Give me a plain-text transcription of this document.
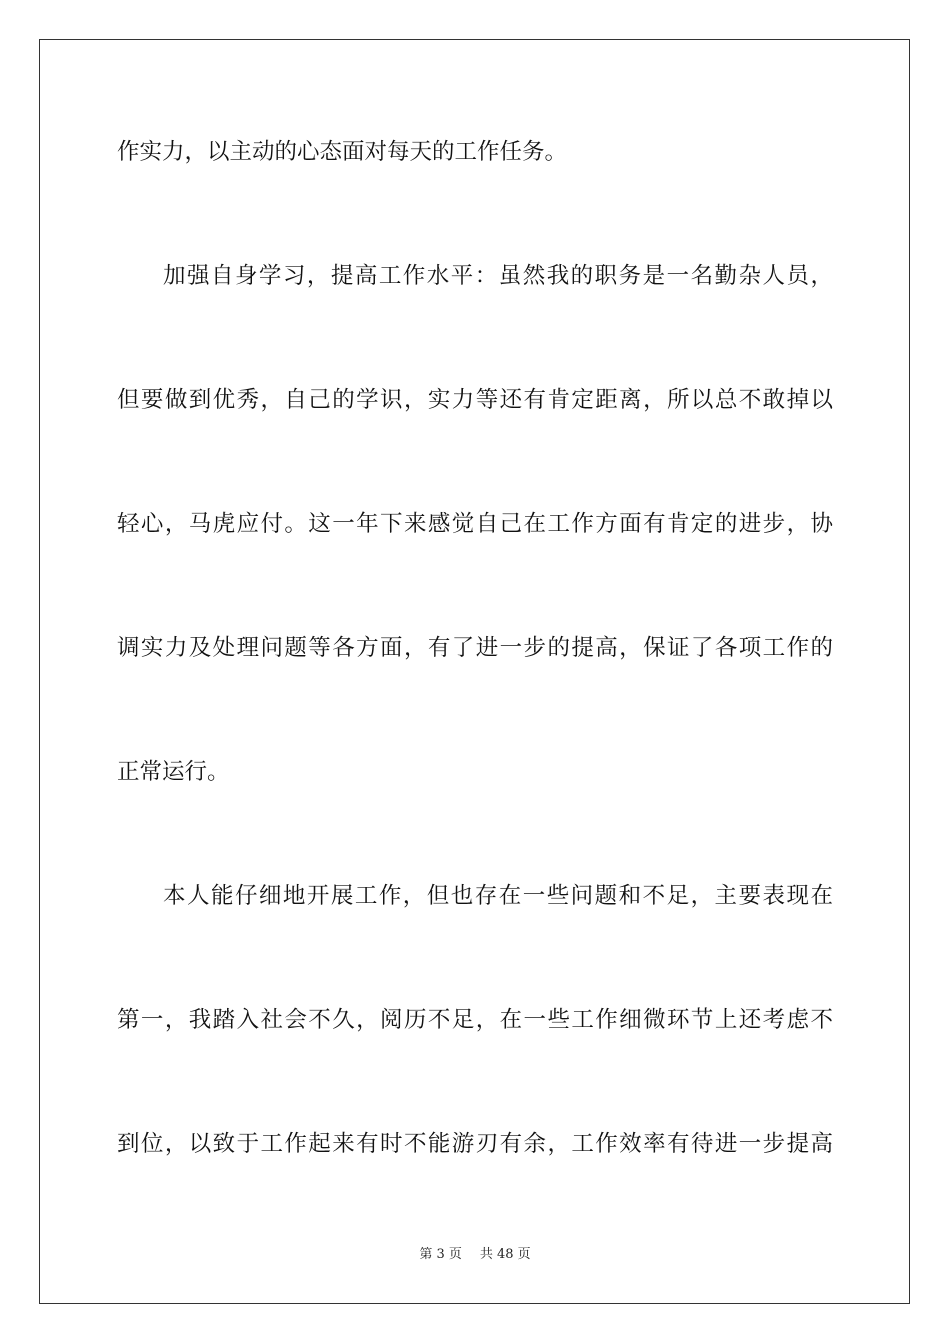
作实力，以主动的心态面对每天的工作任务。
加强自身学习，提高工作水平：虽然我的职务是一名勤杂人员，
但要做到优秀，自己的学识，实力等还有肯定距离，所以总不敢掉以
轻心，马虎应付。这一年下来感觉自己在工作方面有肯定的进步，协
调实力及处理问题等各方面，有了进一步的提高，保证了各项工作的
正常运行。
本人能仔细地开展工作，但也存在一些问题和不足，主要表现在
第一，我踏入社会不久，阅历不足，在一些工作细微环节上还考虑不
到位，以致于工作起来有时不能游刃有余，工作效率有待进一步提高
第 3 页 共 48 页
